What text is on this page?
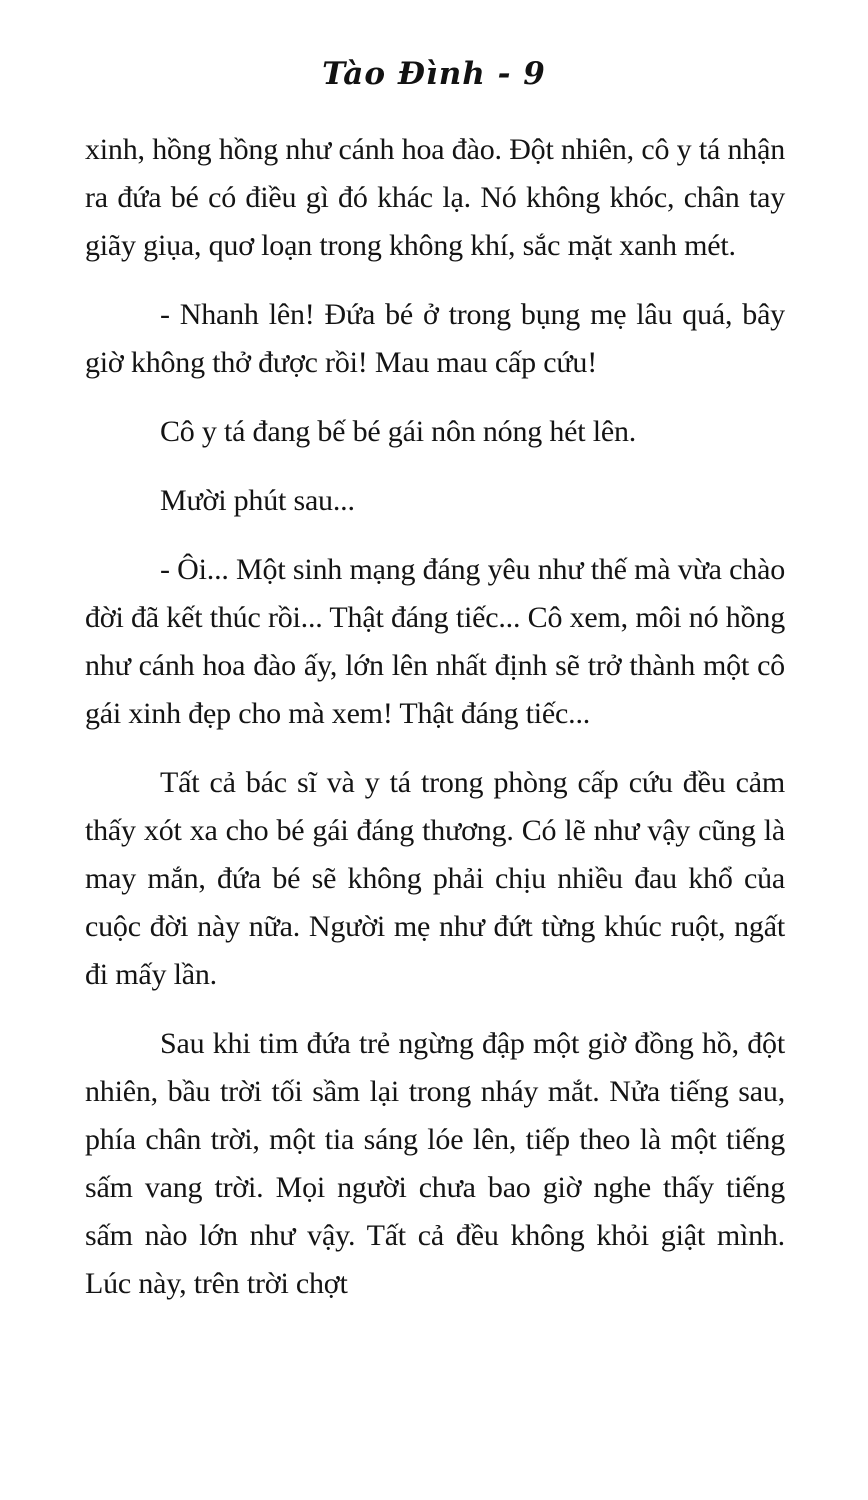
Tào Đình - 9

xinh, hồng hồng như cánh hoa đào. Đột nhiên, cô y tá nhận ra đứa bé có điều gì đó khác lạ. Nó không khóc, chân tay giãy giụa, quơ loạn trong không khí, sắc mặt xanh mét.

- Nhanh lên! Đứa bé ở trong bụng mẹ lâu quá, bây giờ không thở được rồi! Mau mau cấp cứu!

Cô y tá đang bế bé gái nôn nóng hét lên.

Mười phút sau...

- Ôi... Một sinh mạng đáng yêu như thế mà vừa chào đời đã kết thúc rồi... Thật đáng tiếc... Cô xem, môi nó hồng như cánh hoa đào ấy, lớn lên nhất định sẽ trở thành một cô gái xinh đẹp cho mà xem! Thật đáng tiếc...

Tất cả bác sĩ và y tá trong phòng cấp cứu đều cảm thấy xót xa cho bé gái đáng thương. Có lẽ như vậy cũng là may mắn, đứa bé sẽ không phải chịu nhiều đau khổ của cuộc đời này nữa. Người mẹ như đứt từng khúc ruột, ngất đi mấy lần.

Sau khi tim đứa trẻ ngừng đập một giờ đồng hồ, đột nhiên, bầu trời tối sầm lại trong nháy mắt. Nửa tiếng sau, phía chân trời, một tia sáng lóe lên, tiếp theo là một tiếng sấm vang trời. Mọi người chưa bao giờ nghe thấy tiếng sấm nào lớn như vậy. Tất cả đều không khỏi giật mình. Lúc này, trên trời chợt
